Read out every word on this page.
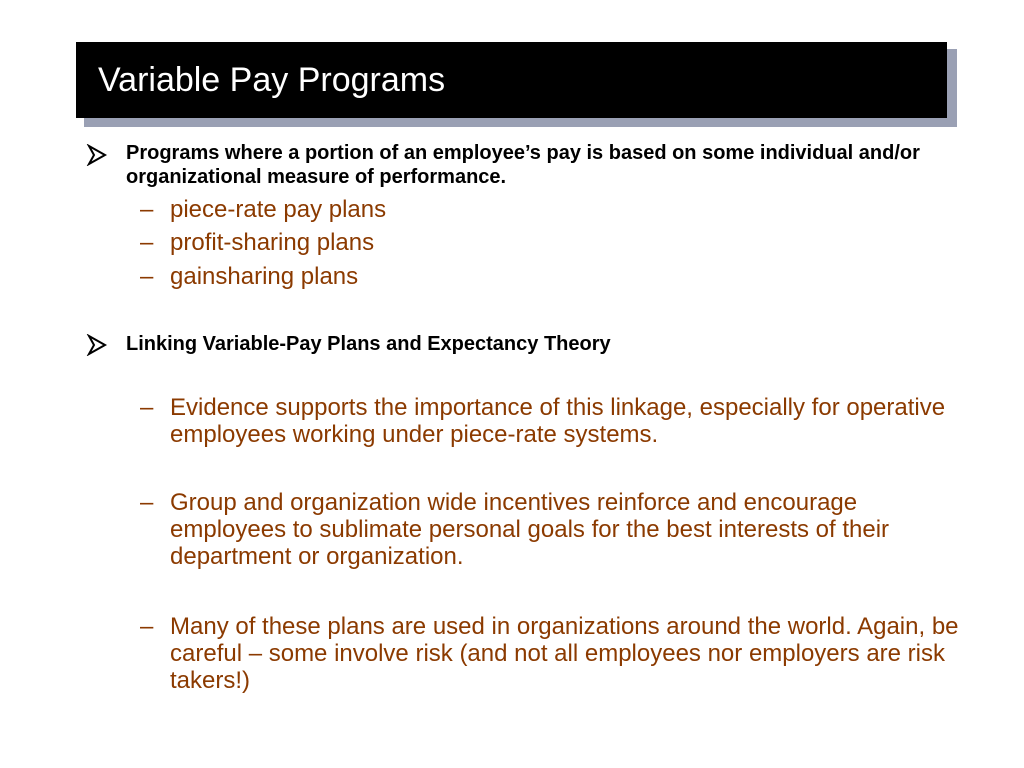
Variable Pay Programs
Programs where a portion of an employee’s pay is based on some individual and/or organizational measure of performance.
– piece-rate pay plans
– profit-sharing plans
– gainsharing plans
Linking Variable-Pay Plans and Expectancy Theory
– Evidence supports the importance of this linkage, especially for operative employees working under piece-rate systems.
– Group and organization wide incentives reinforce and encourage employees to sublimate personal goals for the best interests of their department or organization.
– Many of these plans are used in organizations around the world. Again, be careful – some involve risk (and not all employees nor employers are risk takers!)
